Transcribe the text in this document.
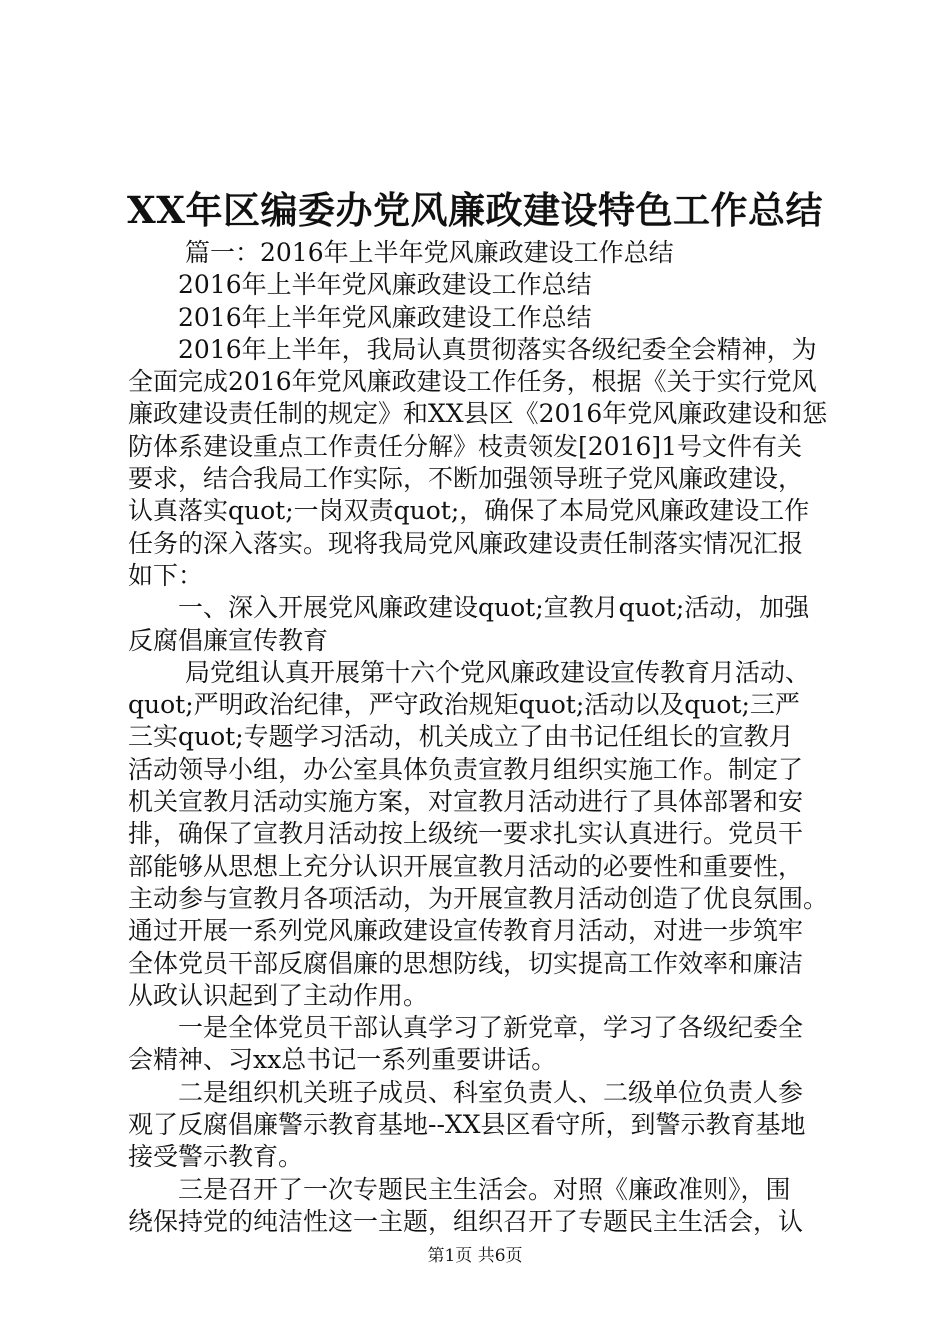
XX年区编委办党风廉政建设特色工作总结
篇一：2016年上半年党风廉政建设工作总结
2016年上半年党风廉政建设工作总结
2016年上半年党风廉政建设工作总结
2016年上半年，我局认真贯彻落实各级纪委全会精神，为
全面完成2016年党风廉政建设工作任务，根据《关于实行党风
廉政建设责任制的规定》和XX县区《2016年党风廉政建设和惩
防体系建设重点工作责任分解》枝责领发[2016]1号文件有关
要求，结合我局工作实际，不断加强领导班子党风廉政建设，
认真落实quot;一岗双责quot;，确保了本局党风廉政建设工作
任务的深入落实。现将我局党风廉政建设责任制落实情况汇报
如下：
一、深入开展党风廉政建设quot;宣教月quot;活动，加强
反腐倡廉宣传教育
局党组认真开展第十六个党风廉政建设宣传教育月活动、
quot;严明政治纪律，严守政治规矩quot;活动以及quot;三严
三实quot;专题学习活动，机关成立了由书记任组长的宣教月
活动领导小组，办公室具体负责宣教月组织实施工作。制定了
机关宣教月活动实施方案，对宣教月活动进行了具体部署和安
排，确保了宣教月活动按上级统一要求扎实认真进行。党员干
部能够从思想上充分认识开展宣教月活动的必要性和重要性，
主动参与宣教月各项活动，为开展宣教月活动创造了优良氛围。
通过开展一系列党风廉政建设宣传教育月活动，对进一步筑牢
全体党员干部反腐倡廉的思想防线，切实提高工作效率和廉洁
从政认识起到了主动作用。
一是全体党员干部认真学习了新党章，学习了各级纪委全
会精神、习xx总书记一系列重要讲话。
二是组织机关班子成员、科室负责人、二级单位负责人参
观了反腐倡廉警示教育基地--XX县区看守所，到警示教育基地
接受警示教育。
三是召开了一次专题民主生活会。对照《廉政准则》，围
绕保持党的纯洁性这一主题，组织召开了专题民主生活会，认
第1页 共6页
